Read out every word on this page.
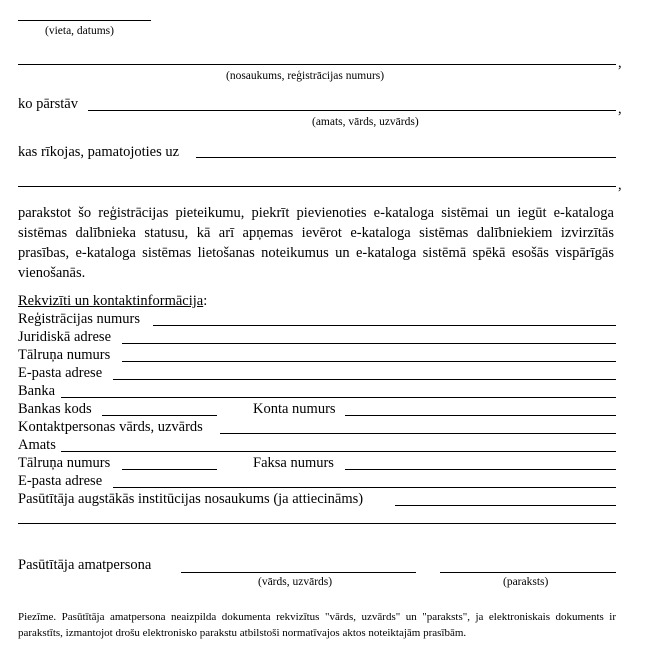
(vieta, datums)
,
(nosaukums, reģistrācijas numurs)
ko pārstāv	,
(amats, vārds, uzvārds)
kas rīkojas, pamatojoties uz
,
parakstot šo reģistrācijas pieteikumu, piekrīt pievienoties e-kataloga sistēmai un iegūt e-kataloga sistēmas dalībnieka statusu, kā arī apņemas ievērot e-kataloga sistēmas dalībniekiem izvirzītās prasības, e-kataloga sistēmas lietošanas noteikumus un e-kataloga sistēmā spēkā esošās vispārīgās vienošanās.
Rekvizīti un kontaktinformācija:
Reģistrācijas numurs
Juridiskā adrese
Tālruņa numurs
E-pasta adrese
Banka
Bankas kods	Konta numurs
Kontaktpersonas vārds, uzvārds
Amats
Tālruņa numurs	Faksa numurs
E-pasta adrese
Pasūtītāja augstākās institūcijas nosaukums (ja attiecināms)
Pasūtītāja amatpersona
(vārds, uzvārds)	(paraksts)
Piezīme. Pasūtītāja amatpersona neaizpilda dokumenta rekvizītus "vārds, uzvārds" un "paraksts", ja elektroniskais dokuments ir parakstīts, izmantojot drošu elektronisko parakstu atbilstoši normatīvajos aktos noteiktajām prasībām.
